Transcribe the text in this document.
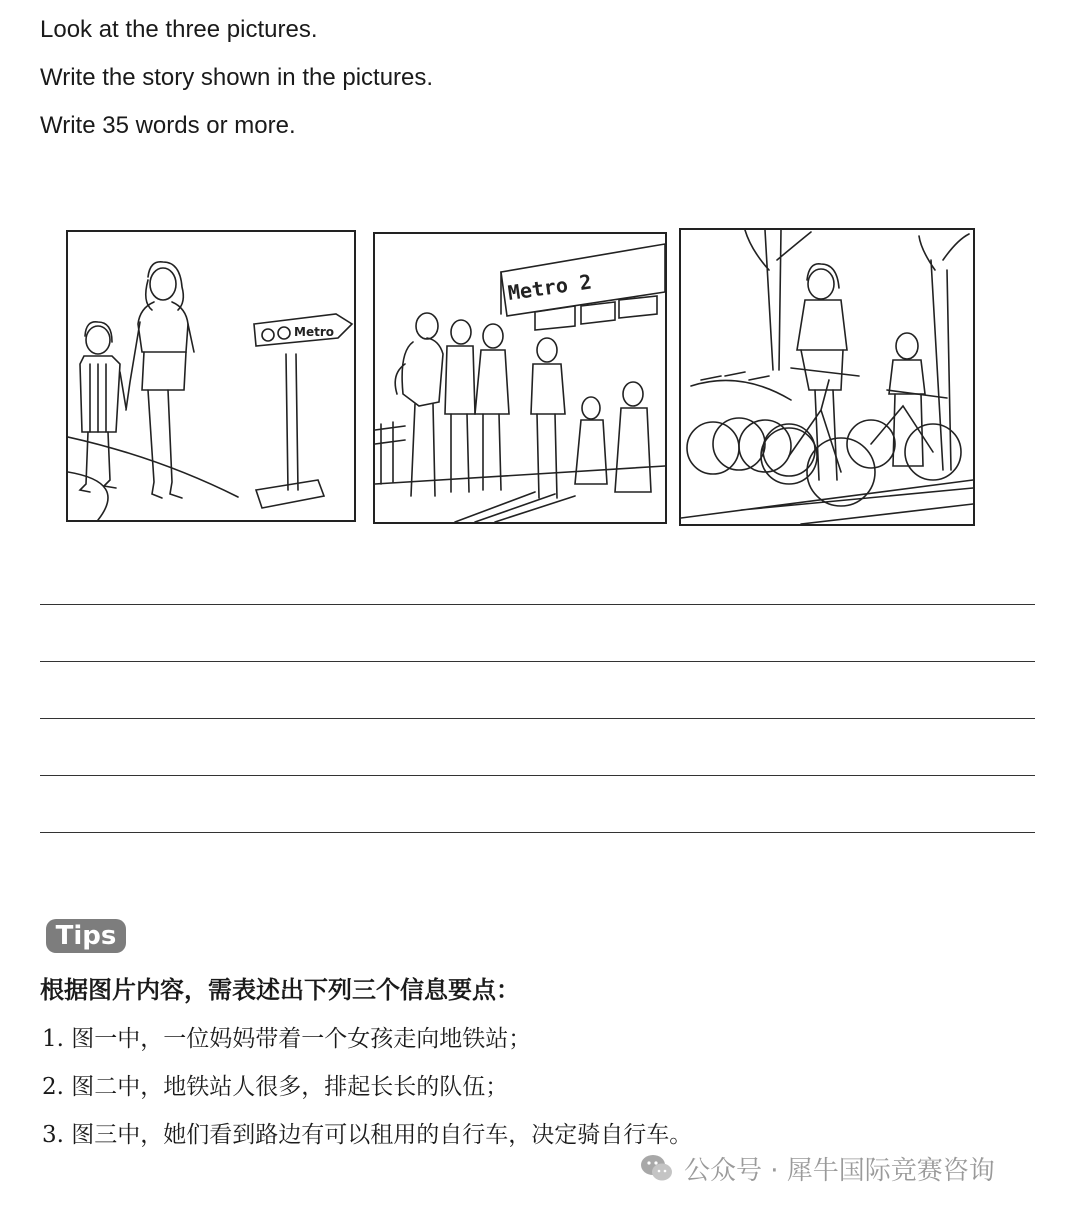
Look at the three pictures.
Write the story shown in the pictures.
Write 35 words or more.
Metro
Metro 2
Tips
根据图片内容，需表述出下列三个信息要点：
1. 图一中，一位妈妈带着一个女孩走向地铁站；
2. 图二中，地铁站人很多，排起长长的队伍；
3. 图三中，她们看到路边有可以租用的自行车，决定骑自行车。
公众号 · 犀牛国际竞赛咨询
